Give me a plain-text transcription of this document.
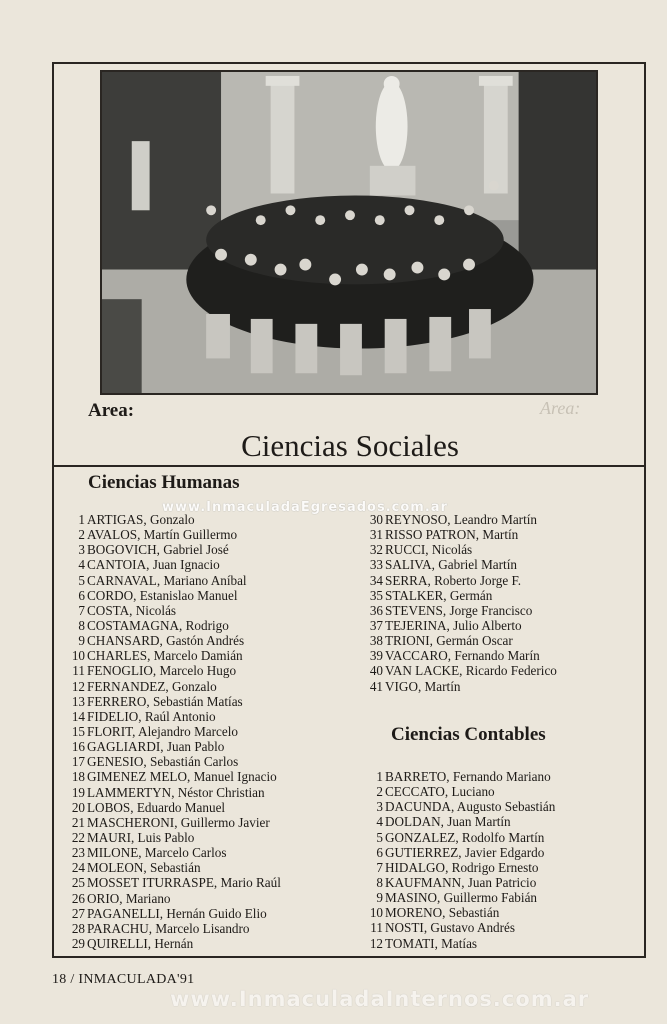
Area:	Area:
Ciencias Sociales
Ciencias Humanas
www.InmaculadaEgresados.com.ar
1 ARTIGAS, Gonzalo
2 AVALOS, Martín Guillermo
3 BOGOVICH, Gabriel José
4 CANTOIA, Juan Ignacio
5 CARNAVAL, Mariano Aníbal
6 CORDO, Estanislao Manuel
7 COSTA, Nicolás
8 COSTAMAGNA, Rodrigo
9 CHANSARD, Gastón Andrés
10 CHARLES, Marcelo Damián
11 FENOGLIO, Marcelo Hugo
12 FERNANDEZ, Gonzalo
13 FERRERO, Sebastián Matías
14 FIDELIO, Raúl Antonio
15 FLORIT, Alejandro Marcelo
16 GAGLIARDI, Juan Pablo
17 GENESIO, Sebastián Carlos
18 GIMENEZ MELO, Manuel Ignacio
19 LAMMERTYN, Néstor Christian
20 LOBOS, Eduardo Manuel
21 MASCHERONI, Guillermo Javier
22 MAURI, Luis Pablo
23 MILONE, Marcelo Carlos
24 MOLEON, Sebastián
25 MOSSET ITURRASPE, Mario Raúl
26 ORIO, Mariano
27 PAGANELLI, Hernán Guido Elio
28 PARACHU, Marcelo Lisandro
29 QUIRELLI, Hernán
30 REYNOSO, Leandro Martín
31 RISSO PATRON, Martín
32 RUCCI, Nicolás
33 SALIVA, Gabriel Martín
34 SERRA, Roberto Jorge F.
35 STALKER, Germán
36 STEVENS, Jorge Francisco
37 TEJERINA, Julio Alberto
38 TRIONI, Germán Oscar
39 VACCARO, Fernando Marín
40 VAN LACKE, Ricardo Federico
41 VIGO, Martín
Ciencias Contables
1 BARRETO, Fernando Mariano
2 CECCATO, Luciano
3 DACUNDA, Augusto Sebastián
4 DOLDAN, Juan Martín
5 GONZALEZ, Rodolfo Martín
6 GUTIERREZ, Javier Edgardo
7 HIDALGO, Rodrigo Ernesto
8 KAUFMANN, Juan Patricio
9 MASINO, Guillermo Fabián
10 MORENO, Sebastián
11 NOSTI, Gustavo Andrés
12 TOMATI, Matías
18 / INMACULADA'91
www.InmaculadaInternos.com.ar
